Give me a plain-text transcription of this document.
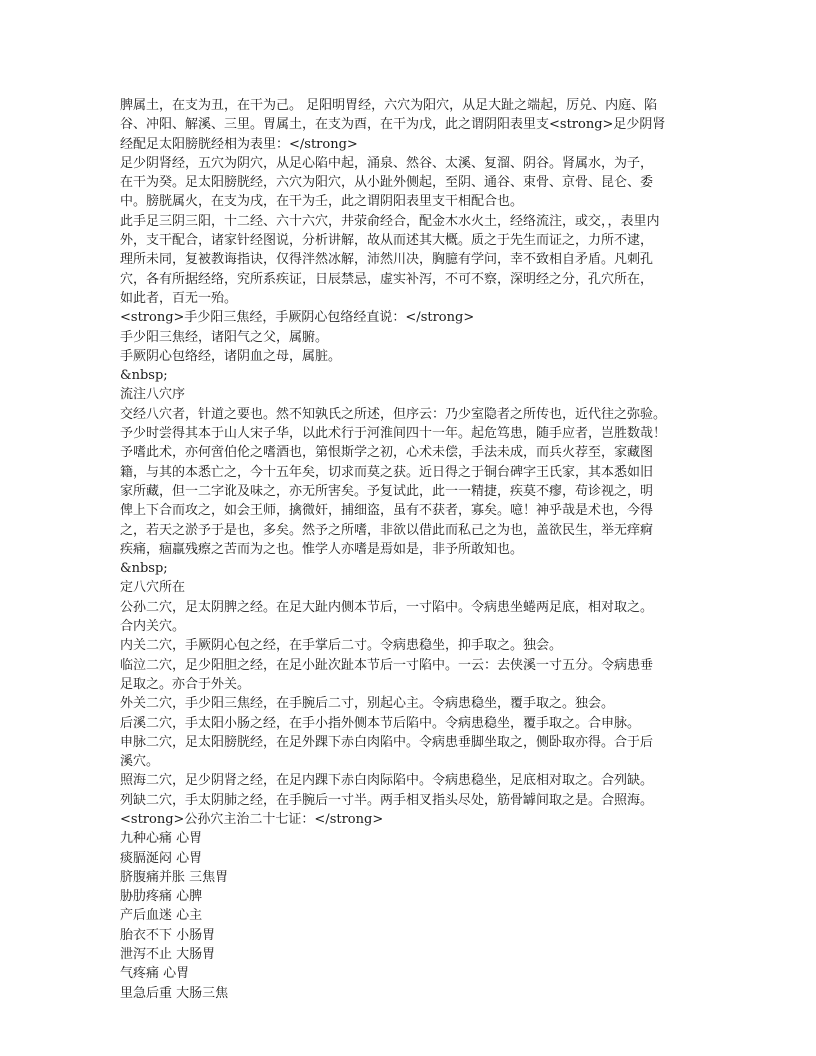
脾属土，在支为丑，在干为己。 足阳明胃经，六穴为阳穴，从足大趾之端起，厉兑、内庭、陷
谷、冲阳、解溪、三里。胃属土，在支为酉，在干为戊，此之谓阴阳表里支<strong>足少阴肾
经配足太阳膀胱经相为表里：</strong>
足少阴肾经，五穴为阴穴，从足心陷中起，涌泉、然谷、太溪、复溜、阴谷。肾属水，为子，
在干为癸。足太阳膀胱经，六穴为阳穴，从小趾外侧起，至阴、通谷、束骨、京骨、昆仑、委
中。膀胱属火，在支为戌，在干为壬，此之谓阴阳表里支干相配合也。
此手足三阴三阳，十二经、六十六穴，井荥俞经合，配金木水火土，经络流注，或交，，表里内
外，支干配合，诸家针经图说，分析讲解，故从而述其大概。质之于先生而证之，力所不逮，
理所未同，复被教诲指诀，仅得泮然冰解，沛然川决，胸臆有学问，幸不致相自矛盾。凡刺孔
穴，各有所据经络，究所系疾证，日辰禁忌，虚实补泻，不可不察，深明经之分，孔穴所在，
如此者，百无一殆。
<strong>手少阳三焦经，手厥阴心包络经直说：</strong>
手少阳三焦经，诸阳气之父，属腑。
手厥阴心包络经，诸阴血之母，属脏。
&nbsp;
流注八穴序
交经八穴者，针道之要也。然不知孰氏之所述，但序云：乃少室隐者之所传也，近代往之弥验。
予少时尝得其本于山人宋子华，以此术行于河淮间四十一年。起危笃患，随手应者，岂胜数哉！
予嗜此术，亦何啻伯伦之嗜酒也，第恨斯学之初，心术未偿，手法未成，而兵火荐至，家藏图
籍，与其的本悉亡之，今十五年矣，切求而莫之获。近日得之于铜台碑字王氏家，其本悉如旧
家所藏，但一二字讹及味之，亦无所害矣。予复试此，此一一精捷，疾莫不瘳，苟诊视之，明
俾上下合而攻之，如会王师，擒微奸，捕细盗，虽有不获者，寡矣。噫！神乎哉是术也，今得
之，若天之淤予于是也，多矣。然予之所嗜，非欲以借此而私己之为也，盖欲民生，举无痒痾
疾痛，痼羸残瘵之苦而为之也。惟学人亦嗜是焉如是，非予所敢知也。
&nbsp;
定八穴所在
公孙二穴，足太阴脾之经。在足大趾内侧本节后，一寸陷中。令病患坐蜷两足底，相对取之。
合内关穴。
内关二穴，手厥阴心包之经，在手掌后二寸。令病患稳坐，抑手取之。独会。
临泣二穴，足少阳胆之经，在足小趾次趾本节后一寸陷中。一云：去侠溪一寸五分。令病患垂
足取之。亦合于外关。
外关二穴，手少阳三焦经，在手腕后二寸，别起心主。令病患稳坐，覆手取之。独会。
后溪二穴，手太阳小肠之经，在手小指外侧本节后陷中。令病患稳坐，覆手取之。合申脉。
申脉二穴，足太阳膀胱经，在足外踝下赤白肉陷中。令病患垂脚坐取之，侧卧取亦得。合于后
溪穴。
照海二穴，足少阴肾之经，在足内踝下赤白肉际陷中。令病患稳坐，足底相对取之。合列缺。
列缺二穴，手太阴肺之经，在手腕后一寸半。两手相叉指头尽处，筋骨罅间取之是。合照海。
<strong>公孙穴主治二十七证：</strong>
九种心痛 心胃
痰膈涎闷 心胃
脐腹痛并胀 三焦胃
胁肋疼痛 心脾
产后血迷 心主
胎衣不下 小肠胃
泄泻不止 大肠胃
气疼痛 心胃
里急后重 大肠三焦
